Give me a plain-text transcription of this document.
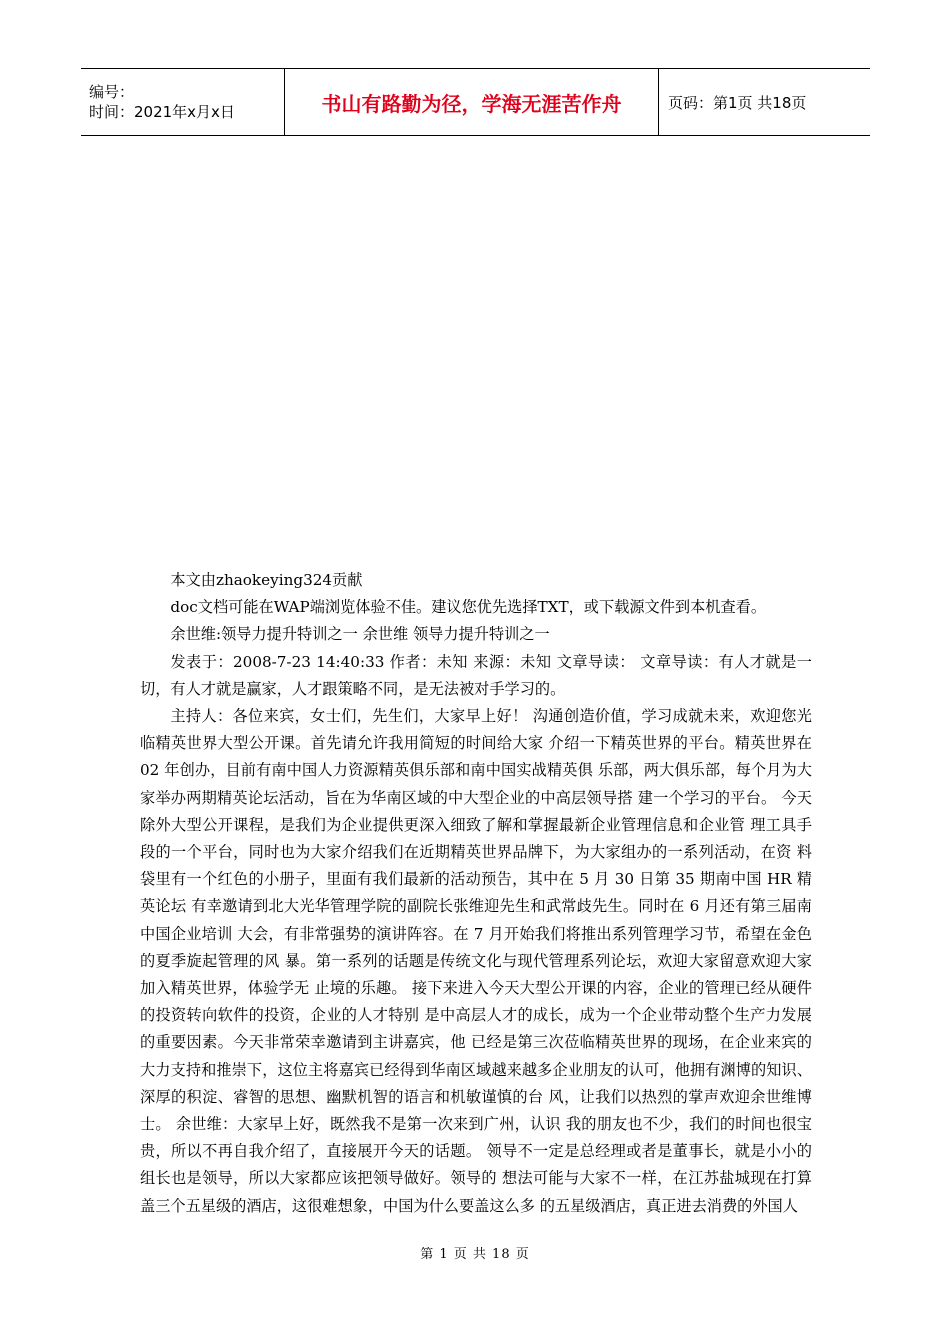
编号：
时间：2021年x月x日	书山有路勤为径，学海无涯苦作舟	页码：第1页 共18页

本文由zhaokeying324贡献

doc文档可能在WAP端浏览体验不佳。建议您优先选择TXT，或下载源文件到本机查看。

余世维:领导力提升特训之一 余世维 领导力提升特训之一

发表于：2008-7-23 14:40:33 作者：未知 来源：未知 文章导读： 文章导读：有人才就是一切，有人才就是赢家，人才跟策略不同，是无法被对手学习的。

主持人：各位来宾，女士们，先生们，大家早上好！ 沟通创造价值，学习成就未来，欢迎您光临精英世界大型公开课。首先请允许我用简短的时间给大家 介绍一下精英世界的平台。精英世界在 02 年创办，目前有南中国人力资源精英俱乐部和南中国实战精英俱 乐部，两大俱乐部，每个月为大家举办两期精英论坛活动，旨在为华南区域的中大型企业的中高层领导搭 建一个学习的平台。 今天除外大型公开课程，是我们为企业提供更深入细致了解和掌握最新企业管理信息和企业管 理工具手段的一个平台，同时也为大家介绍我们在近期精英世界品牌下，为大家组办的一系列活动，在资 料袋里有一个红色的小册子，里面有我们最新的活动预告，其中在 5 月 30 日第 35 期南中国 HR 精英论坛 有幸邀请到北大光华管理学院的副院长张维迎先生和武常歧先生。同时在 6 月还有第三届南中国企业培训 大会，有非常强势的演讲阵容。在 7 月开始我们将推出系列管理学习节，希望在金色的夏季旋起管理的风 暴。第一系列的话题是传统文化与现代管理系列论坛，欢迎大家留意欢迎大家加入精英世界，体验学无 止境的乐趣。 接下来进入今天大型公开课的内容，企业的管理已经从硬件的投资转向软件的投资，企业的人才特别 是中高层人才的成长，成为一个企业带动整个生产力发展的重要因素。今天非常荣幸邀请到主讲嘉宾，他 已经是第三次莅临精英世界的现场，在企业来宾的大力支持和推崇下，这位主将嘉宾已经得到华南区域越来越多企业朋友的认可，他拥有渊博的知识、深厚的积淀、睿智的思想、幽默机智的语言和机敏谨慎的台 风，让我们以热烈的掌声欢迎余世维博士。 余世维：大家早上好，既然我不是第一次来到广州，认识 我的朋友也不少，我们的时间也很宝贵，所以不再自我介绍了，直接展开今天的话题。 领导不一定是总经理或者是董事长，就是小小的组长也是领导，所以大家都应该把领导做好。领导的 想法可能与大家不一样，在江苏盐城现在打算盖三个五星级的酒店，这很难想象，中国为什么要盖这么多 的五星级酒店，真正进去消费的外国人

第 1 页 共 18 页
